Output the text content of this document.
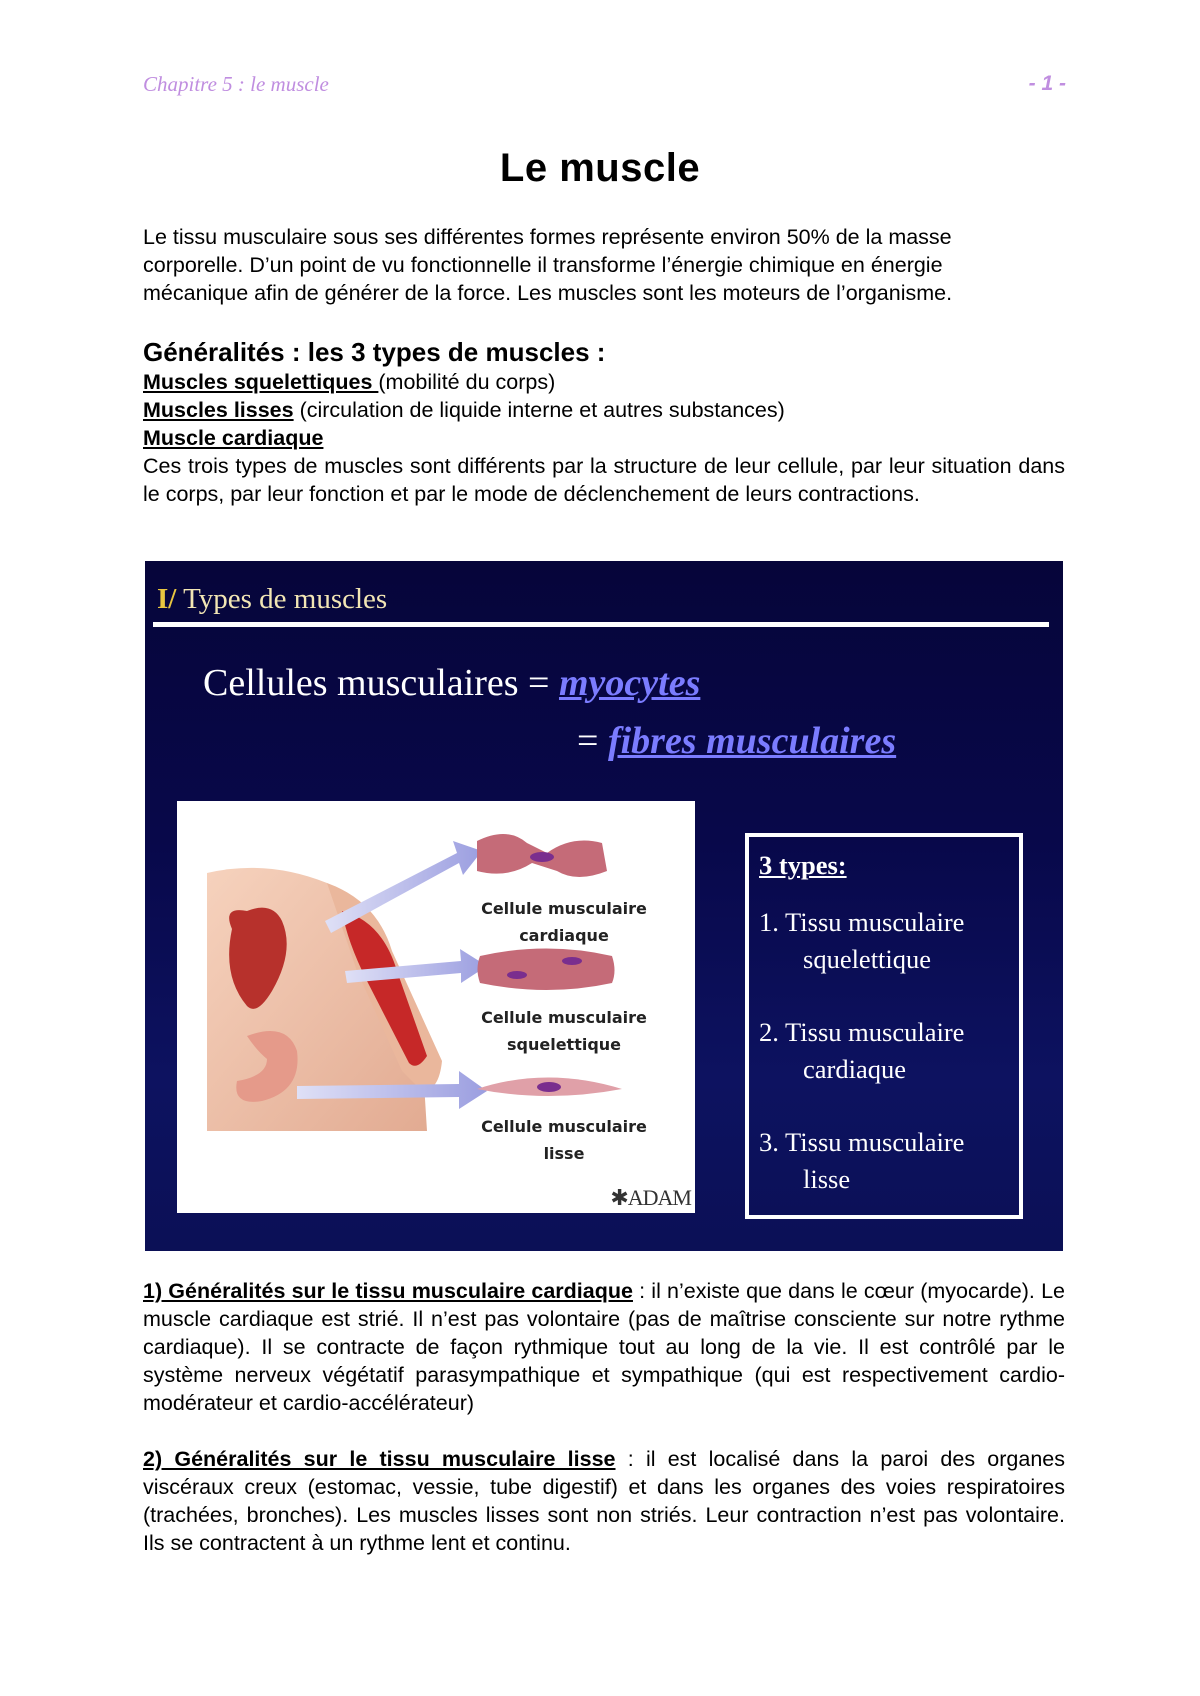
Chapitre 5 : le muscle	- 1 -
Le muscle
Le tissu musculaire sous ses différentes formes représente environ 50% de la masse
corporelle. D’un point de vu fonctionnelle il transforme l’énergie chimique en énergie
mécanique afin de générer de la force. Les muscles sont les moteurs de l’organisme.
Généralités : les 3 types de muscles :
Muscles squelettiques (mobilité du corps)
Muscles lisses (circulation de liquide interne et autres substances)
Muscle cardiaque
Ces trois types de muscles sont différents par la structure de leur cellule, par leur situation dans le corps, par leur fonction et par le mode de déclenchement de leurs contractions.
I/ Types de muscles
Cellules musculaires = myocytes
= fibres musculaires
Cellule musculaire
cardiaque
Cellule musculaire
squelettique
Cellule musculaire
lisse
✱ADAM
3 types:
1. Tissu musculaire
squelettique
2. Tissu musculaire
cardiaque
3. Tissu musculaire
lisse
1) Généralités sur le tissu musculaire cardiaque : il n’existe que dans le cœur (myocarde). Le muscle cardiaque est strié. Il n’est pas volontaire (pas de maîtrise consciente sur notre rythme cardiaque). Il se contracte de façon rythmique tout au long de la vie. Il est contrôlé par le système nerveux végétatif parasympathique et sympathique (qui est respectivement cardio-modérateur et cardio-accélérateur)
2) Généralités sur le tissu musculaire lisse : il est localisé dans la paroi des organes viscéraux creux (estomac, vessie, tube digestif) et dans les organes des voies respiratoires (trachées, bronches). Les muscles lisses sont non striés. Leur contraction n’est pas volontaire. Ils se contractent à un rythme lent et continu.
